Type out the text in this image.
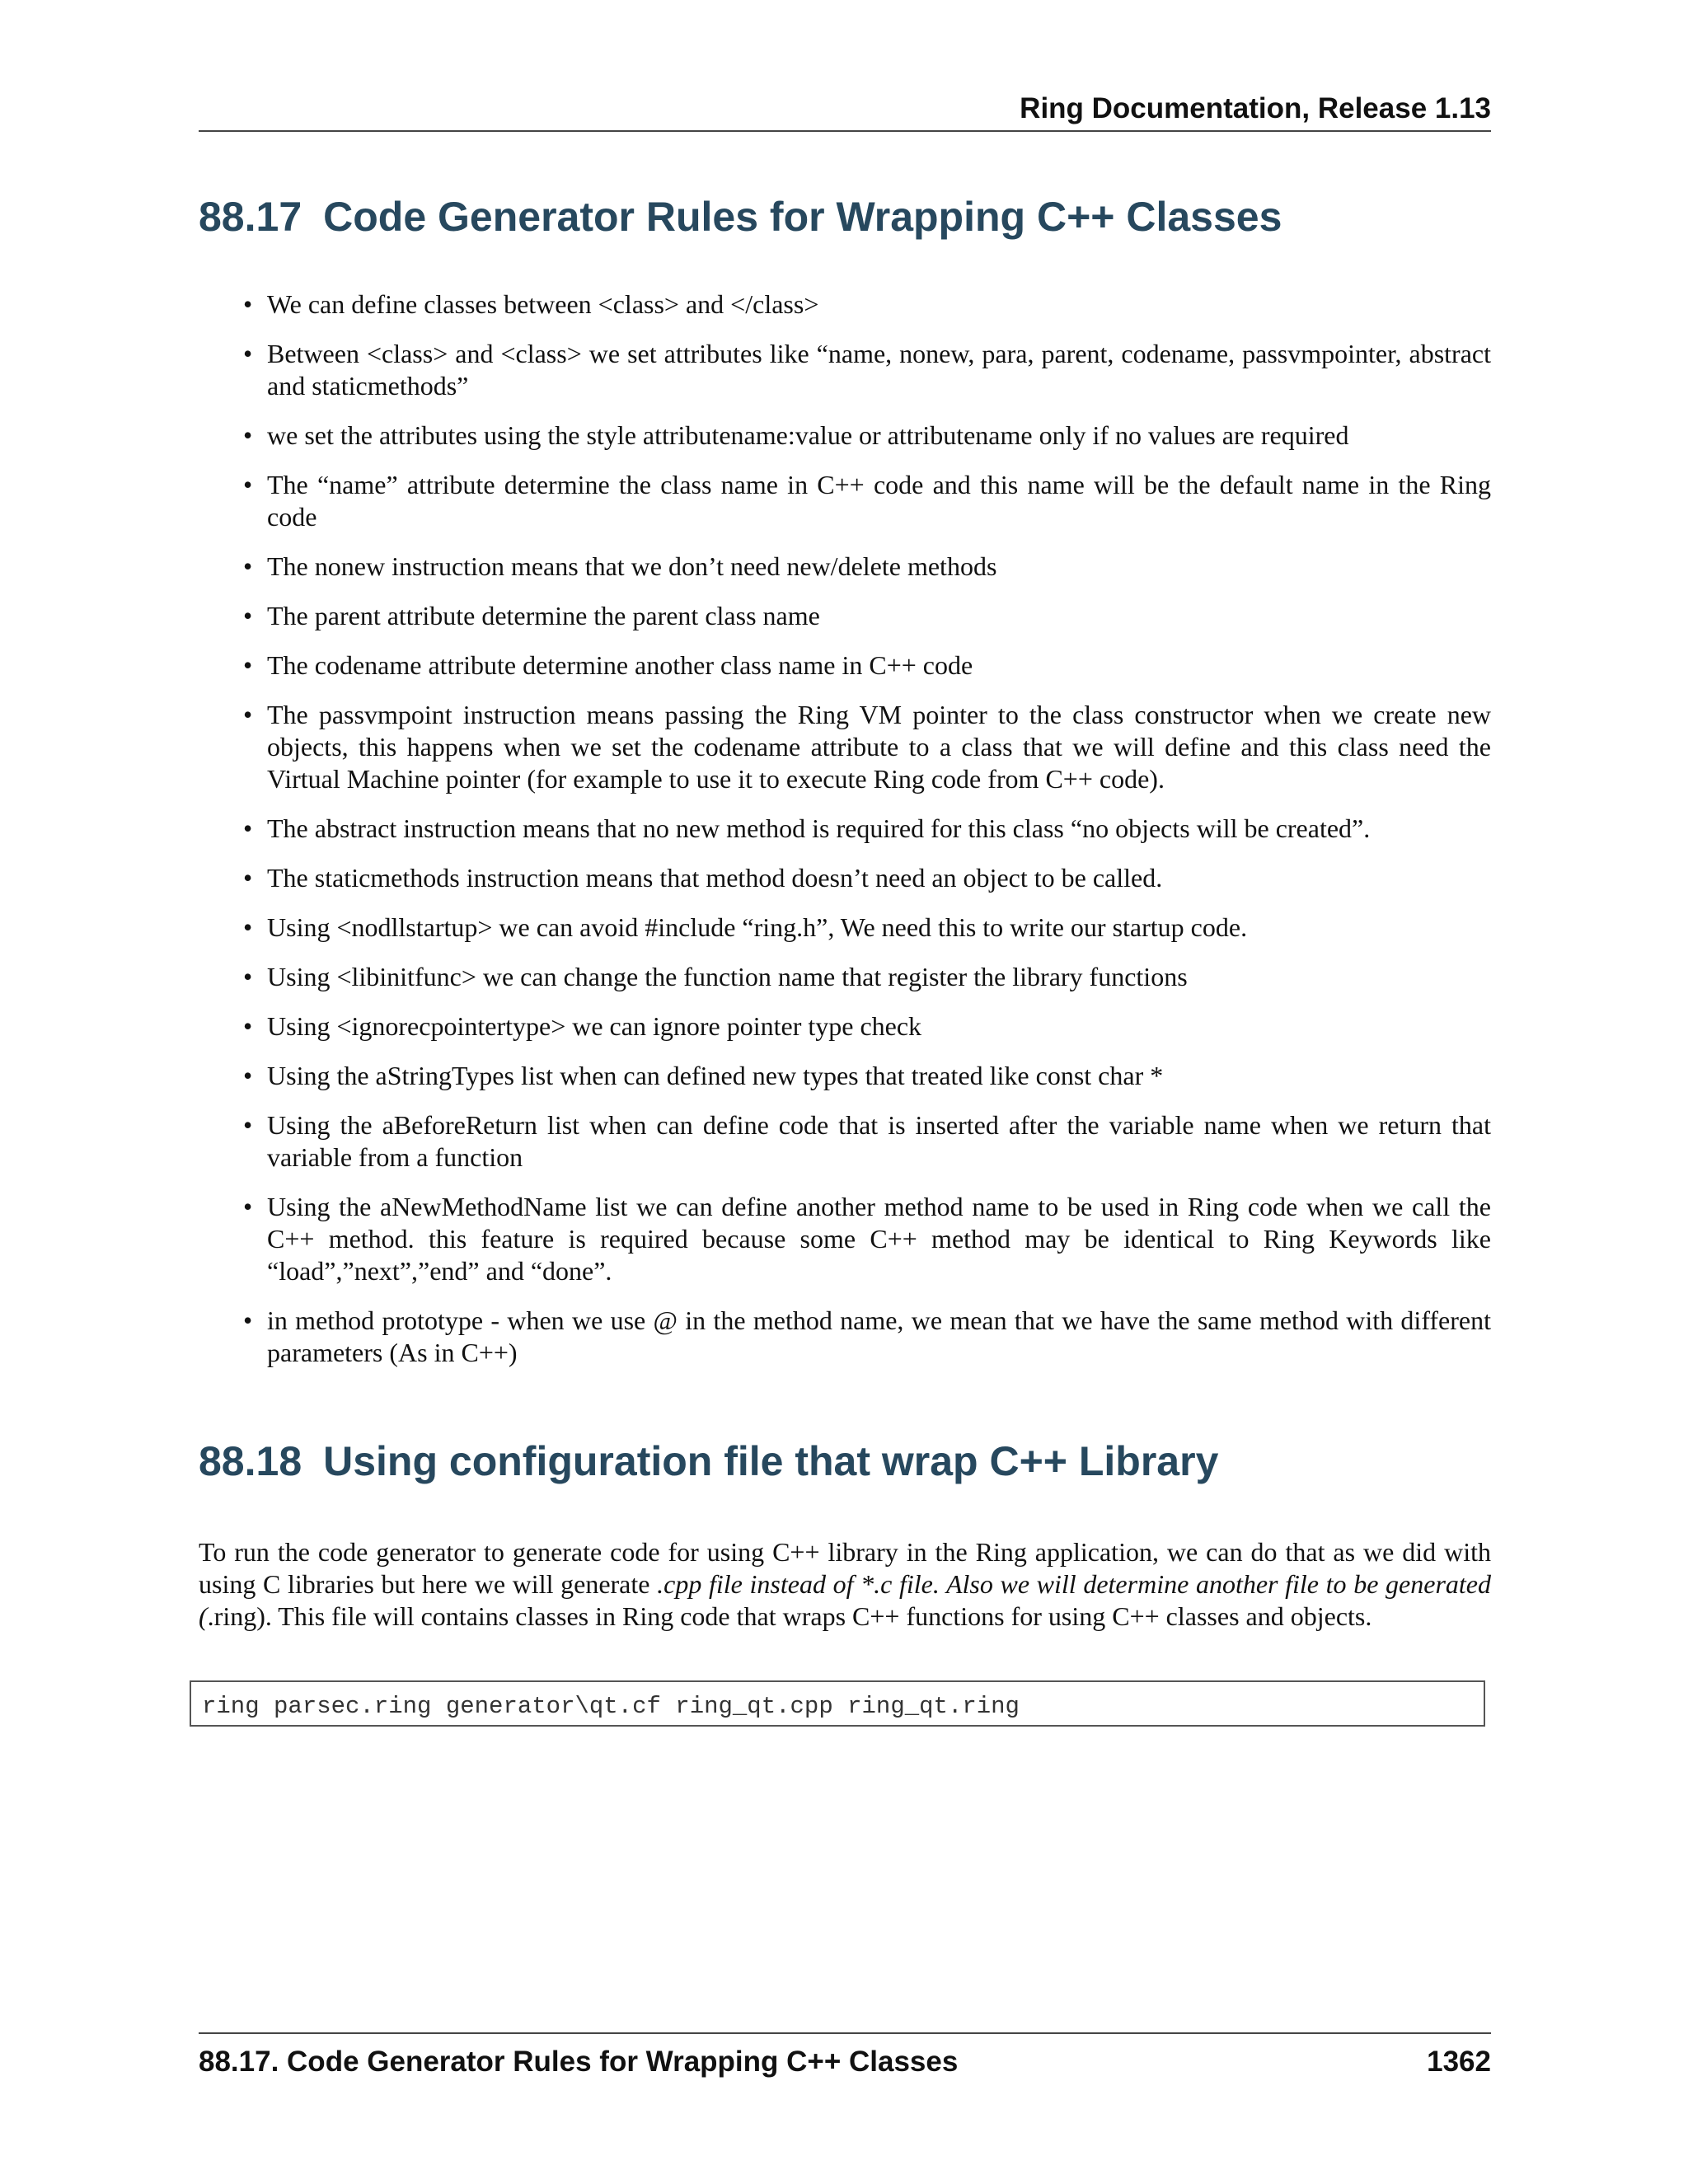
Ring Documentation, Release 1.13
88.17 Code Generator Rules for Wrapping C++ Classes
• We can define classes between <class> and </class>
• Between <class> and <class> we set attributes like “name, nonew, para, parent, codename, passvmpointer, abstract and staticmethods”
• we set the attributes using the style attributename:value or attributename only if no values are required
• The “name” attribute determine the class name in C++ code and this name will be the default name in the Ring code
• The nonew instruction means that we don’t need new/delete methods
• The parent attribute determine the parent class name
• The codename attribute determine another class name in C++ code
• The passvmpoint instruction means passing the Ring VM pointer to the class constructor when we create new objects, this happens when we set the codename attribute to a class that we will define and this class need the Virtual Machine pointer (for example to use it to execute Ring code from C++ code).
• The abstract instruction means that no new method is required for this class “no objects will be created”.
• The staticmethods instruction means that method doesn’t need an object to be called.
• Using <nodllstartup> we can avoid #include “ring.h”, We need this to write our startup code.
• Using <libinitfunc> we can change the function name that register the library functions
• Using <ignorecpointertype> we can ignore pointer type check
• Using the aStringTypes list when can defined new types that treated like const char *
• Using the aBeforeReturn list when can define code that is inserted after the variable name when we return that variable from a function
• Using the aNewMethodName list we can define another method name to be used in Ring code when we call the C++ method. this feature is required because some C++ method may be identical to Ring Keywords like “load”,”next”,”end” and “done”.
• in method prototype - when we use @ in the method name, we mean that we have the same method with different parameters (As in C++)
88.18 Using configuration file that wrap C++ Library

To run the code generator to generate code for using C++ library in the Ring application, we can do that as we did with using C libraries but here we will generate .cpp file instead of *.c file. Also we will determine another file to be generated (.ring). This file will contains classes in Ring code that wraps C++ functions for using C++ classes and objects.

ring parsec.ring generator\qt.cf ring_qt.cpp ring_qt.ring
88.17. Code Generator Rules for Wrapping C++ Classes	1362
